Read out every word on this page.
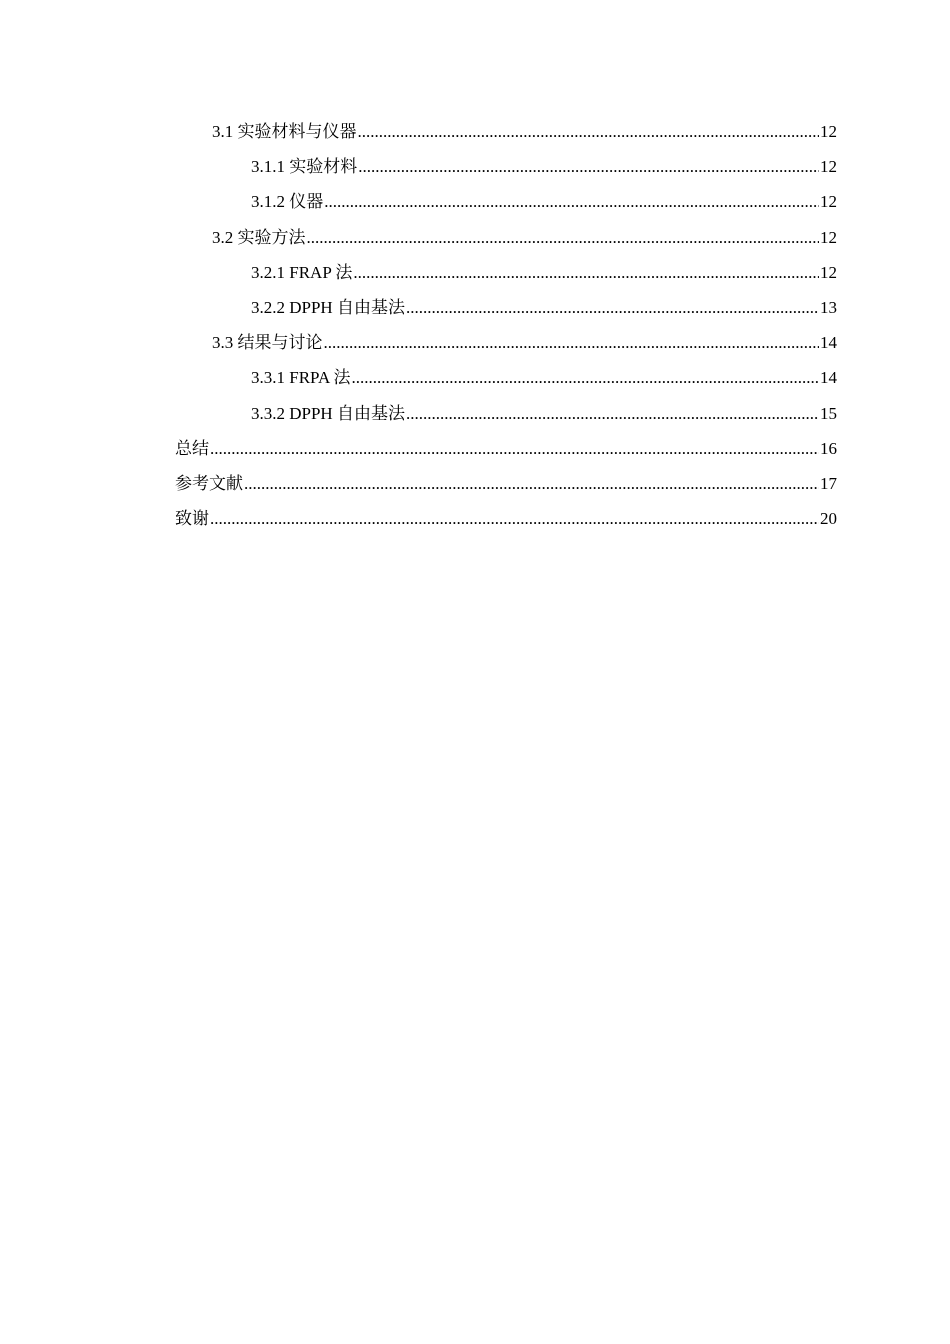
3.1 实验材料与仪器 .....	12
3.1.1 实验材料 .....	12
3.1.2 仪器 .....	12
3.2 实验方法 .....	12
3.2.1 FRAP 法 .....	12
3.2.2 DPPH 自由基法 .....	13
3.3 结果与讨论 .....	14
3.3.1 FRPA 法 .....	14
3.3.2 DPPH 自由基法 .....	15
总结 .....	16
参考文献 .....	17
致谢 .....	20
